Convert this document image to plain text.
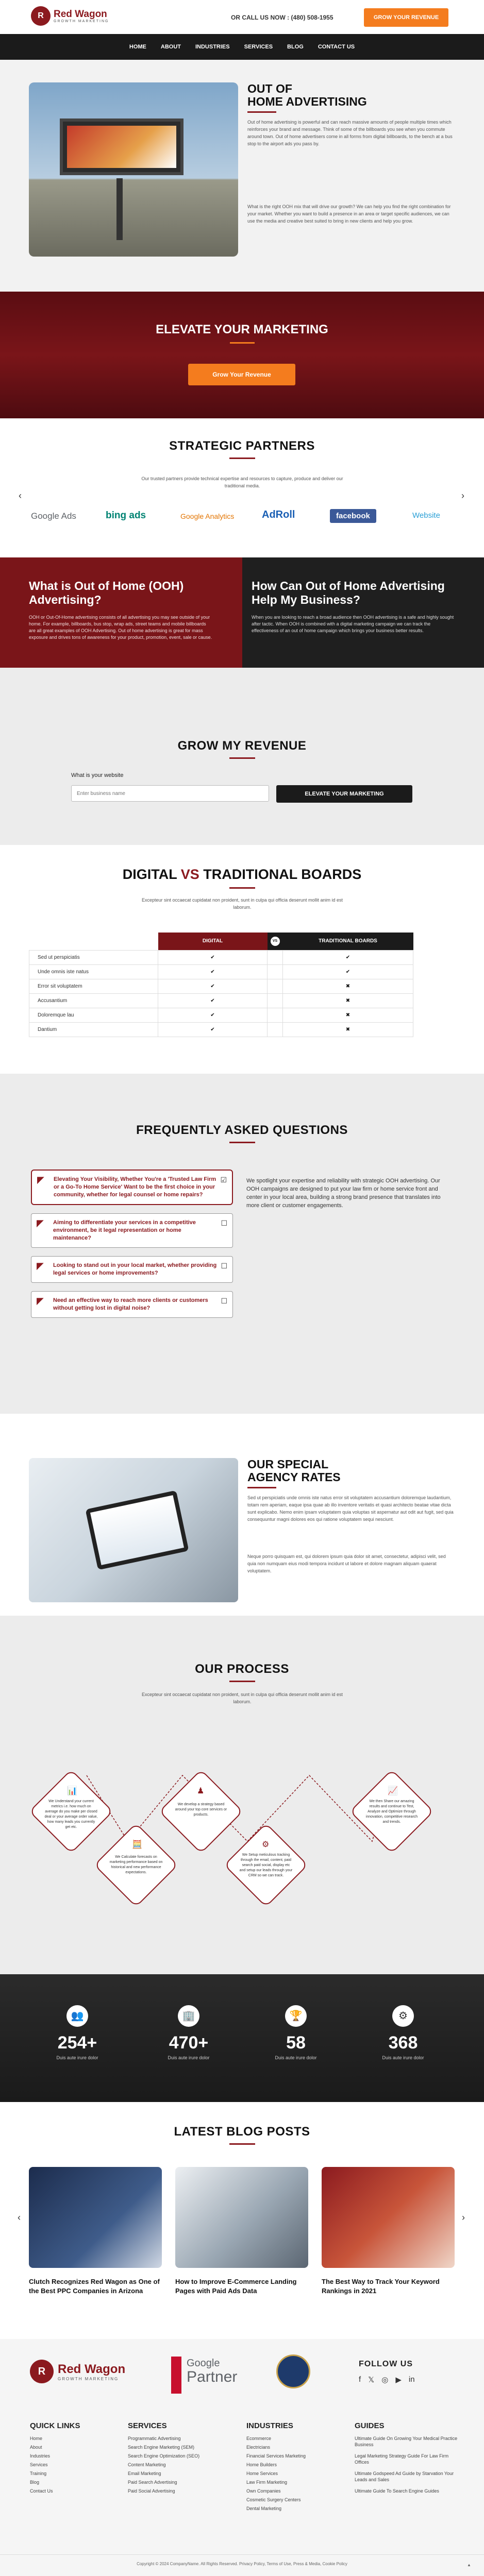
R	Red Wagon
GROWTH MARKETING	OR CALL US NOW : (480) 508-1955	GROW YOUR REVENUE
HOME	ABOUT	INDUSTRIES	SERVICES	BLOG	CONTACT US
OUT OF
HOME ADVERTISING

Out of home advertising is powerful and can reach massive amounts of people multiple times which reinforces your brand and message. Think of some of the billboards you see when you commute around town. Out of home advertisers come in all forms from digital billboards, to the bench at a bus stop to the airport ads you pass by.

What is the right OOH mix that will drive our growth? We can help you find the right combination for your market. Whether you want to build a presence in an area or target specific audiences, we can use the media and creative best suited to bring in new clients and help you grow.

ELEVATE YOUR MARKETING
Grow Your Revenue
STRATEGIC PARTNERS

Our trusted partners provide technical expertise and resources to capture, produce and deliver our traditional media.

‹	›
Google Ads	bing ads	Google Analytics	AdRoll	facebook	Website
What is Out of Home (OOH) Advertising?

OOH or Out-Of-Home advertising consists of all advertising you may see outside of your home. For example, billboards, bus stop, wrap ads, street teams and mobile billboards are all great examples of OOH Advertising. Out of home advertising is great for mass exposure and drives tons of awareness for your product, promotion, event, sale or cause.

How Can Out of Home Advertising Help My Business?

When you are looking to reach a broad audience then OOH advertising is a safe and highly sought after tactic. When OOH is combined with a digital marketing campaign we can track the effectiveness of an out of home campaign which brings your business better results.

GROW MY REVENUE
What is your website
Enter business name
ELEVATE YOUR MARKETING
DIGITAL VS TRADITIONAL BOARDS

Excepteur sint occaecat cupidatat non proident, sunt in culpa qui officia deserunt mollit anim id est laborum.

	DIGITAL	VS	TRADITIONAL BOARDS
Sed ut perspiciatis	✔		✔
Unde omnis iste natus	✔		✔
Error sit voluptatem	✔		✖
Accusantium	✔		✖
Doloremque lau	✔		✖
Dantium	✔		✖
FREQUENTLY ASKED QUESTIONS
◤ Elevating Your Visibility, Whether You're a 'Trusted Law Firm or a Go-To Home Service' Want to be the first choice in your community, whether for legal counsel or home repairs?
☑
◤ Aiming to differentiate your services in a competitive environment, be it legal representation or home maintenance?
☐
◤ Looking to stand out in your local market, whether providing legal services or home improvements?
☐
◤ Need an effective way to reach more clients or customers without getting lost in digital noise?
☐

We spotlight your expertise and reliability with strategic OOH advertising. Our OOH campaigns are designed to put your law firm or home service front and center in your local area, building a strong brand presence that translates into more client or customer engagements.

OUR SPECIAL
AGENCY RATES

Sed ut perspiciatis unde omnis iste natus error sit voluptatem accusantium doloremque laudantium, totam rem aperiam, eaque ipsa quae ab illo inventore veritatis et quasi architecto beatae vitae dicta sunt explicabo. Nemo enim ipsam voluptatem quia voluptas sit aspernatur aut odit aut fugit, sed quia consequuntur magni dolores eos qui ratione voluptatem sequi nesciunt.

Neque porro quisquam est, qui dolorem ipsum quia dolor sit amet, consectetur, adipisci velit, sed quia non numquam eius modi tempora incidunt ut labore et dolore magnam aliquam quaerat voluptatem.

OUR PROCESS

Excepteur sint occaecat cupidatat non proident, sunt in culpa qui officia deserunt mollit anim id est laborum.

📊

We Understand your current metrics i.e. how much on average do you make per closed deal or your average order value, how many leads you currently get etc.

🧮

We Calculate forecasts on marketing performance based on historical and new performance expectations.

♟

We develop a strategy based around your top core services or products.

⚙

We Setup meticulous tracking through the email, content, paid search paid social, display etc and setup our leads through your CRM so we can track.

📈

We then Share our amazing results and continue to Test, Analyze and Optimize through innovation, competitive research and trends.

👥
254+
Duis aute irure dolor
🏢
470+
Duis aute irure dolor
🏆
58
Duis aute irure dolor
⚙
368
Duis aute irure dolor
LATEST BLOG POSTS
‹	›
Clutch Recognizes Red Wagon as One of the Best PPC Companies in Arizona
How to Improve E-Commerce Landing Pages with Paid Ads Data
The Best Way to Track Your Keyword Rankings in 2021
R Red Wagon
GROWTH MARKETING
Google
Partner
FOLLOW US
f 𝕏 ◎ ▶ in
QUICK LINKS
Home
About
Industries
Services
Training
Blog
Contact Us
SERVICES
Programmatic Advertising
Search Engine Marketing (SEM)
Search Engine Optimization (SEO)
Content Marketing
Email Marketing
Paid Search Advertising
Paid Social Advertising
INDUSTRIES
Ecommerce
Electricians
Financial Services Marketing
Home Builders
Home Services
Law Firm Marketing
Own Companies
Cosmetic Surgery Centers
Dental Marketing
GUIDES
Ultimate Guide On Growing Your Medical Practice Business
Legal Marketing Strategy Guide For Law Firm Offices
Ultimate Godspeed Ad Guide by Starvation Your Leads and Sales
Ultimate Guide To Search Engine Guides
Copyright © 2024 CompanyName. All Rights Reserved. Privacy Policy, Terms of Use, Press & Media, Cookie Policy	▲
